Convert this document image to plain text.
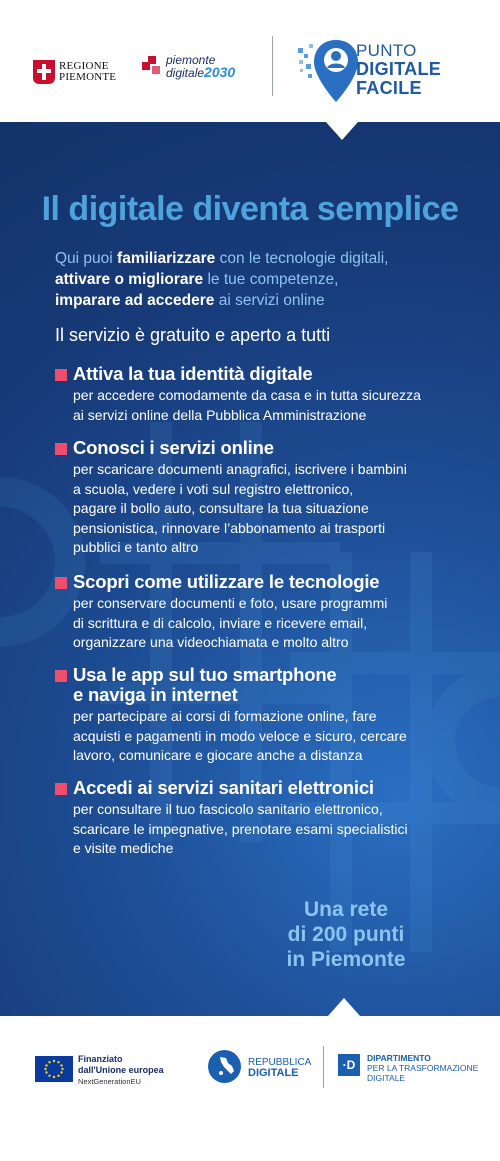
REGIONE
PIEMONTE
piemonte
digitale2030
PUNTO
DIGITALE
FACILE
Il digitale diventa semplice

Qui puoi familiarizzare con le tecnologie digitali,
attivare o migliorare le tue competenze,
imparare ad accedere ai servizi online

Il servizio è gratuito e aperto a tutti

Attiva la tua identità digitale

per accedere comodamente da casa e in tutta sicurezza
ai servizi online della Pubblica Amministrazione

Conosci i servizi online

per scaricare documenti anagrafici, iscrivere i bambini
a scuola, vedere i voti sul registro elettronico,
pagare il bollo auto, consultare la tua situazione
pensionistica, rinnovare l’abbonamento ai trasporti
pubblici e tanto altro

Scopri come utilizzare le tecnologie

per conservare documenti e foto, usare programmi
di scrittura e di calcolo, inviare e ricevere email,
organizzare una videochiamata e molto altro

Usa le app sul tuo smartphone
e naviga in internet

per partecipare ai corsi di formazione online, fare
acquisti e pagamenti in modo veloce e sicuro, cercare
lavoro, comunicare e giocare anche a distanza

Accedi ai servizi sanitari elettronici

per consultare il tuo fascicolo sanitario elettronico,
scaricare le impegnative, prenotare esami specialistici
e visite mediche

Una rete
di 200 punti
in Piemonte
Finanziato
dall'Unione europea
NextGenerationEU
REPUBBLICA
DIGITALE
·D	DIPARTIMENTO
PER LA TRASFORMAZIONE
DIGITALE
